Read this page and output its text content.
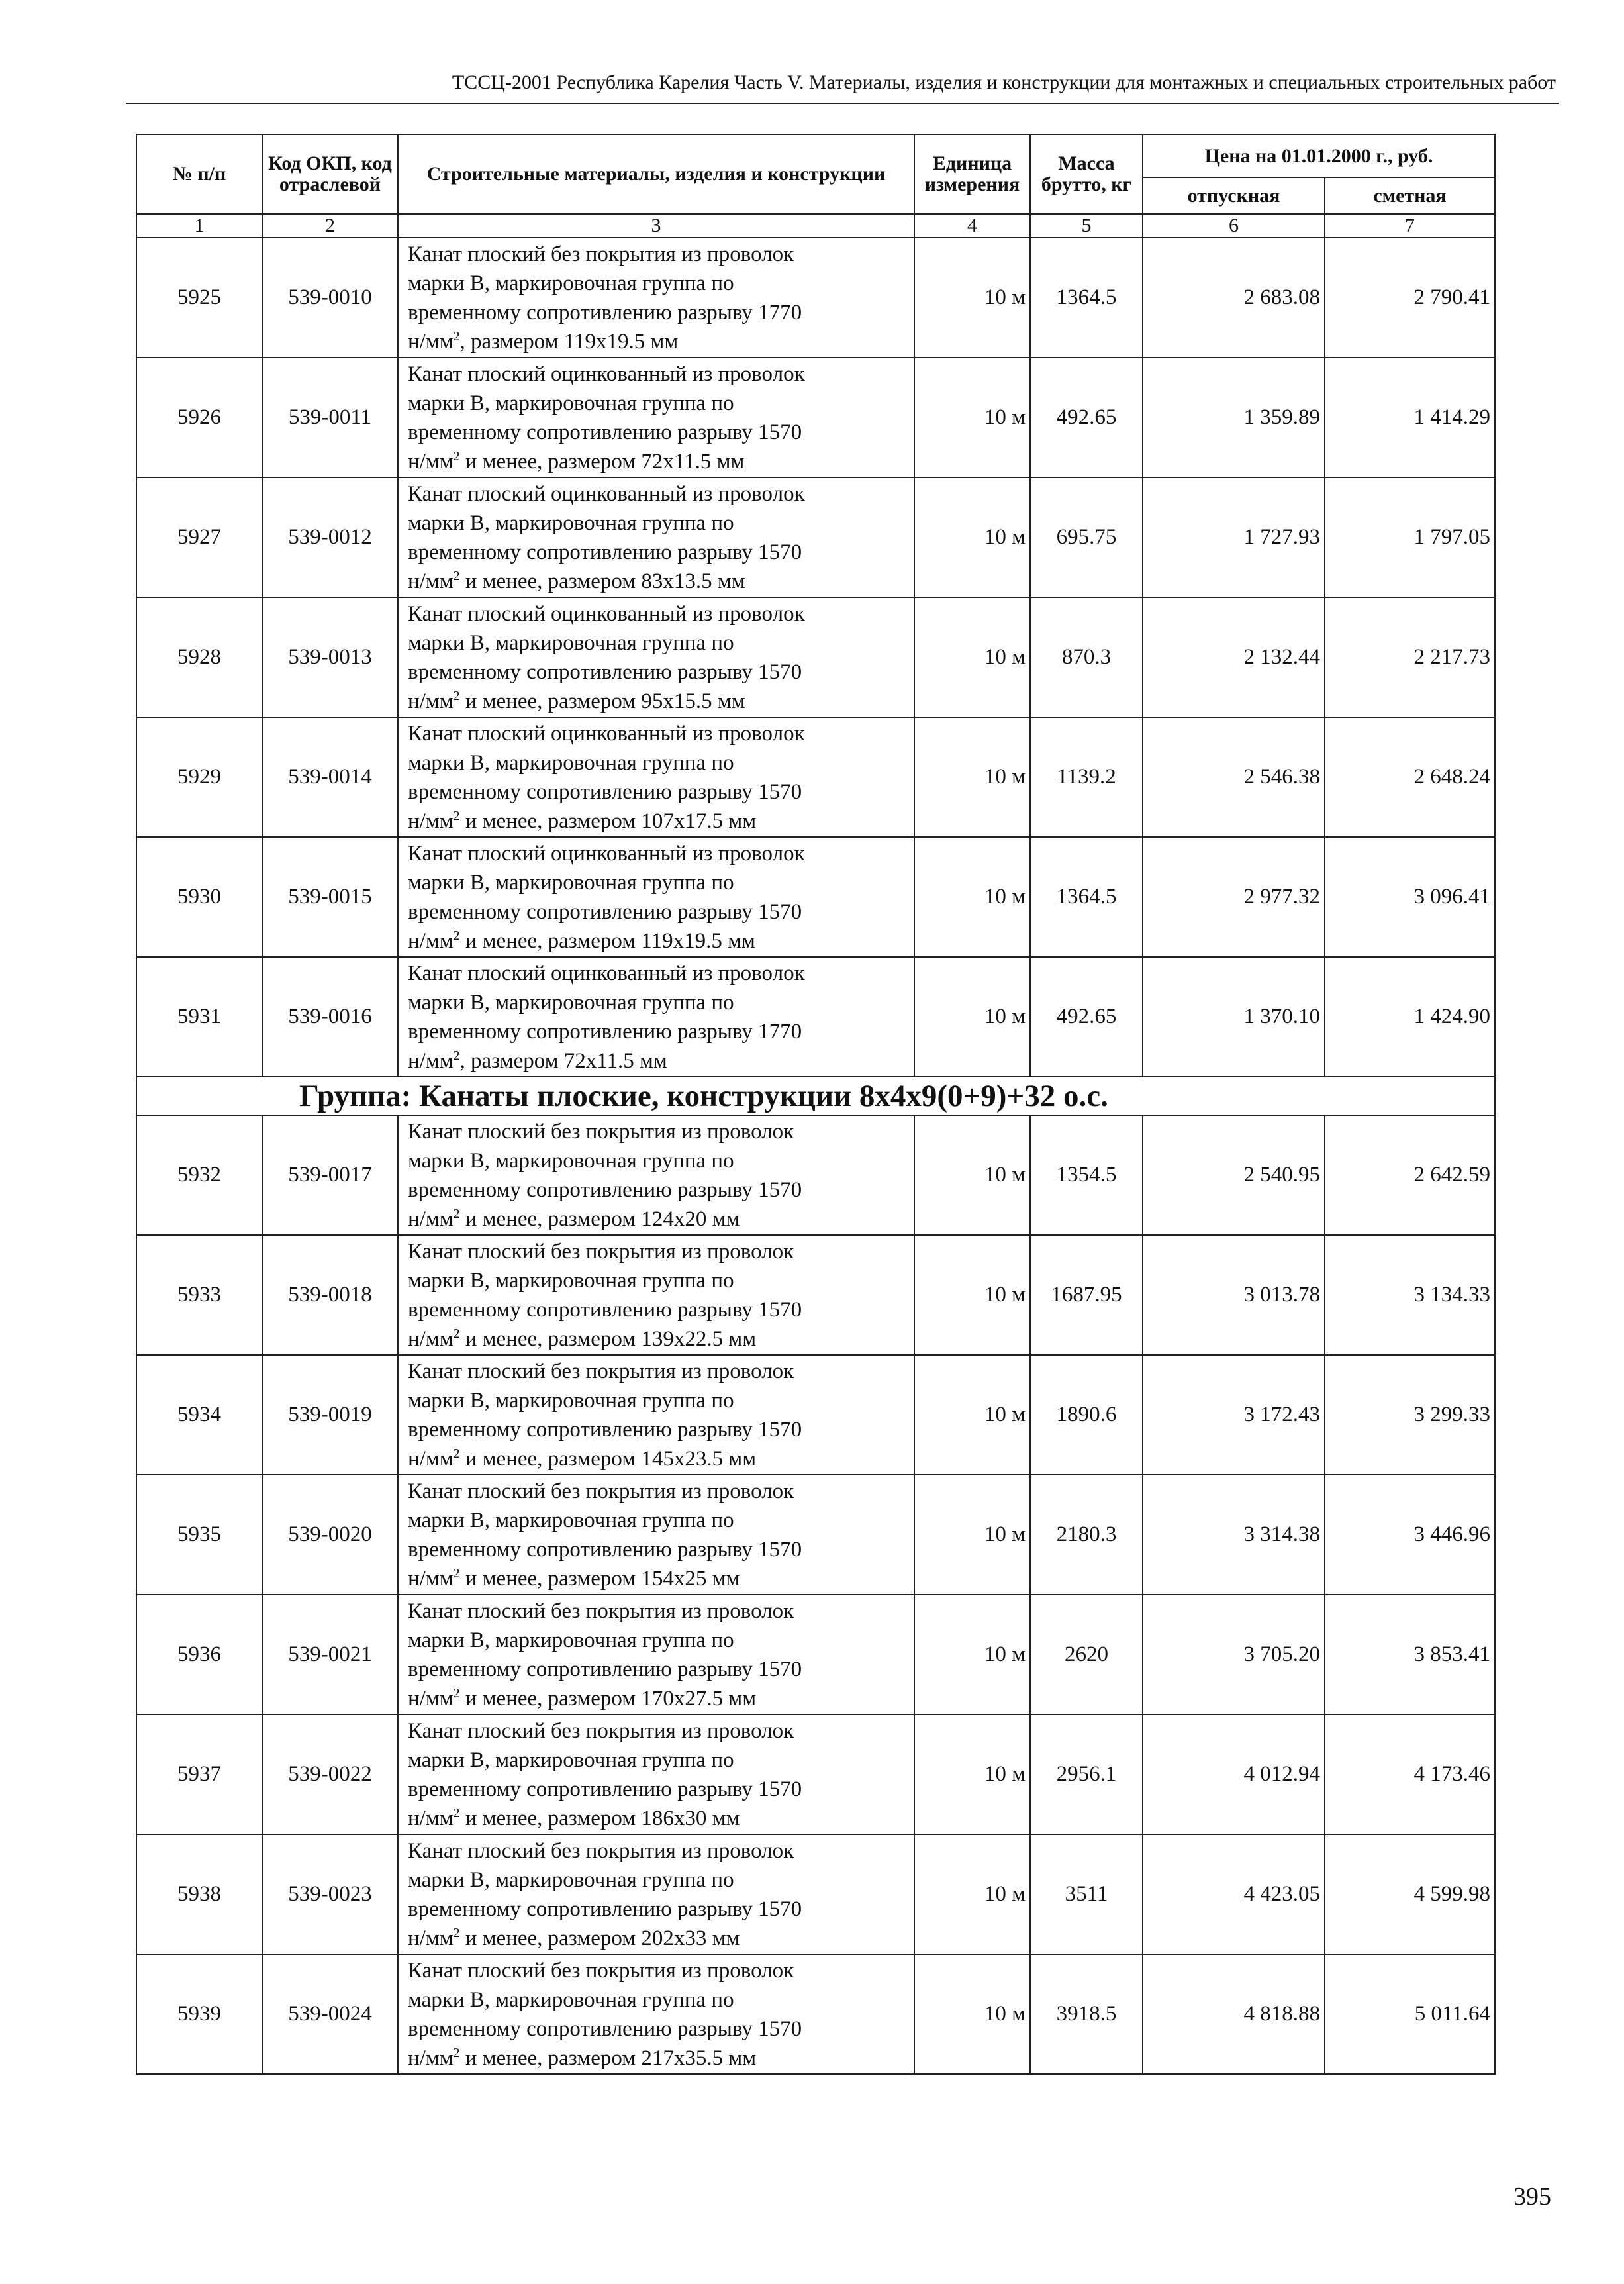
ТССЦ-2001 Республика Карелия Часть V. Материалы, изделия и конструкции для монтажных и специальных строительных работ
№ п/п	Код ОКП, код отраслевой	Строительные материалы, изделия и конструкции	Единица измерения	Масса брутто, кг	Цена на 01.01.2000 г., руб.	
					отпускная	сметная
1	2	3	4	5	6	7
5925	539-0010	Канат плоский без покрытия из проволок
марки В, маркировочная группа по
временному сопротивлению разрыву 1770
$н/мм^2$, размером 119х19.5 мм	10 м	1364.5	2 683.08	2 790.41
5926	539-0011	Канат плоский оцинкованный из проволок
марки В, маркировочная группа по
временному сопротивлению разрыву 1570
$н/мм^2$ и менее, размером 72х11.5 мм	10 м	492.65	1 359.89	1 414.29
5927	539-0012	Канат плоский оцинкованный из проволок
марки В, маркировочная группа по
временному сопротивлению разрыву 1570
$н/мм^2$ и менее, размером 83х13.5 мм	10 м	695.75	1 727.93	1 797.05
5928	539-0013	Канат плоский оцинкованный из проволок
марки В, маркировочная группа по
временному сопротивлению разрыву 1570
$н/мм^2$ и менее, размером 95х15.5 мм	10 м	870.3	2 132.44	2 217.73
5929	539-0014	Канат плоский оцинкованный из проволок
марки В, маркировочная группа по
временному сопротивлению разрыву 1570
$н/мм^2$ и менее, размером 107х17.5 мм	10 м	1139.2	2 546.38	2 648.24
5930	539-0015	Канат плоский оцинкованный из проволок
марки В, маркировочная группа по
временному сопротивлению разрыву 1570
$н/мм^2$ и менее, размером 119х19.5 мм	10 м	1364.5	2 977.32	3 096.41
5931	539-0016	Канат плоский оцинкованный из проволок
марки В, маркировочная группа по
временному сопротивлению разрыву 1770
$н/мм^2$, размером 72х11.5 мм	10 м	492.65	1 370.10	1 424.90
Группа: Канаты плоские, конструкции 8х4х9(0+9)+32 о.с.						
5932	539-0017	Канат плоский без покрытия из проволок
марки В, маркировочная группа по
временному сопротивлению разрыву 1570
$н/мм^2$ и менее, размером 124х20 мм	10 м	1354.5	2 540.95	2 642.59
5933	539-0018	Канат плоский без покрытия из проволок
марки В, маркировочная группа по
временному сопротивлению разрыву 1570
$н/мм^2$ и менее, размером 139х22.5 мм	10 м	1687.95	3 013.78	3 134.33
5934	539-0019	Канат плоский без покрытия из проволок
марки В, маркировочная группа по
временному сопротивлению разрыву 1570
$н/мм^2$ и менее, размером 145х23.5 мм	10 м	1890.6	3 172.43	3 299.33
5935	539-0020	Канат плоский без покрытия из проволок
марки В, маркировочная группа по
временному сопротивлению разрыву 1570
$н/мм^2$ и менее, размером 154х25 мм	10 м	2180.3	3 314.38	3 446.96
5936	539-0021	Канат плоский без покрытия из проволок
марки В, маркировочная группа по
временному сопротивлению разрыву 1570
$н/мм^2$ и менее, размером 170х27.5 мм	10 м	2620	3 705.20	3 853.41
5937	539-0022	Канат плоский без покрытия из проволок
марки В, маркировочная группа по
временному сопротивлению разрыву 1570
$н/мм^2$ и менее, размером 186х30 мм	10 м	2956.1	4 012.94	4 173.46
5938	539-0023	Канат плоский без покрытия из проволок
марки В, маркировочная группа по
временному сопротивлению разрыву 1570
$н/мм^2$ и менее, размером 202х33 мм	10 м	3511	4 423.05	4 599.98
5939	539-0024	Канат плоский без покрытия из проволок
марки В, маркировочная группа по
временному сопротивлению разрыву 1570
$н/мм^2$ и менее, размером 217х35.5 мм	10 м	3918.5	4 818.88	5 011.64
395
